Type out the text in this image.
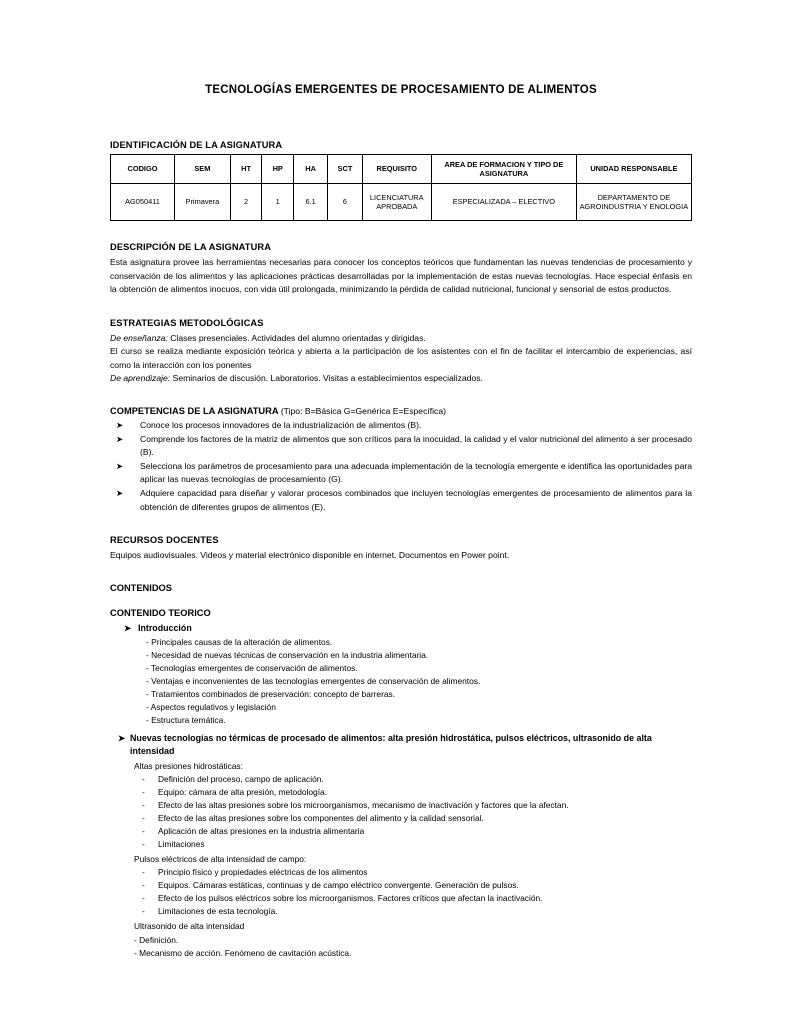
TECNOLOGÍAS EMERGENTES DE PROCESAMIENTO DE ALIMENTOS
IDENTIFICACIÓN DE LA ASIGNATURA
CODIGO	SEM	HT	HP	HA	SCT	REQUISITO	AREA DE FORMACION Y TIPO DE ASIGNATURA	UNIDAD RESPONSABLE
AG050411	Primavera	2	1	6.1	6	LICENCIATURA APROBADA	ESPECIALIZADA – ELECTIVO	DEPARTAMENTO DE AGROINDUSTRIA Y ENOLOGIA
DESCRIPCIÓN DE LA ASIGNATURA

Esta asignatura provee las herramientas necesarias para conocer los conceptos teóricos que fundamentan las nuevas tendencias de procesamiento y conservación de los alimentos y las aplicaciones prácticas desarrolladas por la implementación de estas nuevas tecnologías. Hace especial énfasis en la obtención de alimentos inocuos, con vida útil prolongada, minimizando la pérdida de calidad nutricional, funcional y sensorial de estos productos.

ESTRATEGIAS METODOLÓGICAS

De enseñanza: Clases presenciales. Actividades del alumno orientadas y dirigidas.

El curso se realiza mediante exposición teórica y abierta a la participación de los asistentes con el fin de facilitar el intercambio de experiencias, así como la interacción con los ponentes

De aprendizaje: Seminarios de discusión. Laboratorios. Visitas a establecimientos especializados.

COMPETENCIAS DE LA ASIGNATURA (Tipo: B=Básica G=Genérica E=Específica)
➤ Conoce los procesos innovadores de la industrialización de alimentos (B).
➤ Comprende los factores de la matriz de alimentos que son críticos para la inocuidad, la calidad y el valor nutricional del alimento a ser procesado (B).
➤ Selecciona los parámetros de procesamiento para una adecuada implementación de la tecnología emergente e identifica las oportunidades para aplicar las nuevas tecnologías de procesamiento (G).
➤ Adquiere capacidad para diseñar y valorar procesos combinados que incluyen tecnologías emergentes de procesamiento de alimentos para la obtención de diferentes grupos de alimentos (E).
RECURSOS DOCENTES

Equipos audiovisuales. Videos y material electrónico disponible en internet. Documentos en Power point.

CONTENIDOS
CONTENIDO TEORICO
➤ Introducción
- Principales causas de la alteración de alimentos.
- Necesidad de nuevas técnicas de conservación en la industria alimentaria.
- Tecnologías emergentes de conservación de alimentos.
- Ventajas e inconvenientes de las tecnologías emergentes de conservación de alimentos.
- Tratamientos combinados de preservación: concepto de barreras.
- Aspectos regulativos y legislación
- Estructura temática.
➤ Nuevas tecnologías no térmicas de procesado de alimentos: alta presión hidrostática, pulsos eléctricos, ultrasonido de alta intensidad
Altas presiones hidrostáticas:
- Definición del proceso, campo de aplicación.
- Equipo: cámara de alta presión, metodología.
- Efecto de las altas presiones sobre los microorganismos, mecanismo de inactivación y factores que la afectan.
- Efecto de las altas presiones sobre los componentes del alimento y la calidad sensorial.
- Aplicación de altas presiones en la industria alimentaria
- Limitaciones
Pulsos eléctricos de alta intensidad de campo:
- Principio físico y propiedades eléctricas de los alimentos
- Equipos. Cámaras estáticas, continuas y de campo eléctrico convergente. Generación de pulsos.
- Efecto de los pulsos eléctricos sobre los microorganismos. Factores críticos que afectan la inactivación.
- Limitaciones de esta tecnología.
Ultrasonido de alta intensidad
- Definición.
- Mecanismo de acción. Fenómeno de cavitación acústica.
